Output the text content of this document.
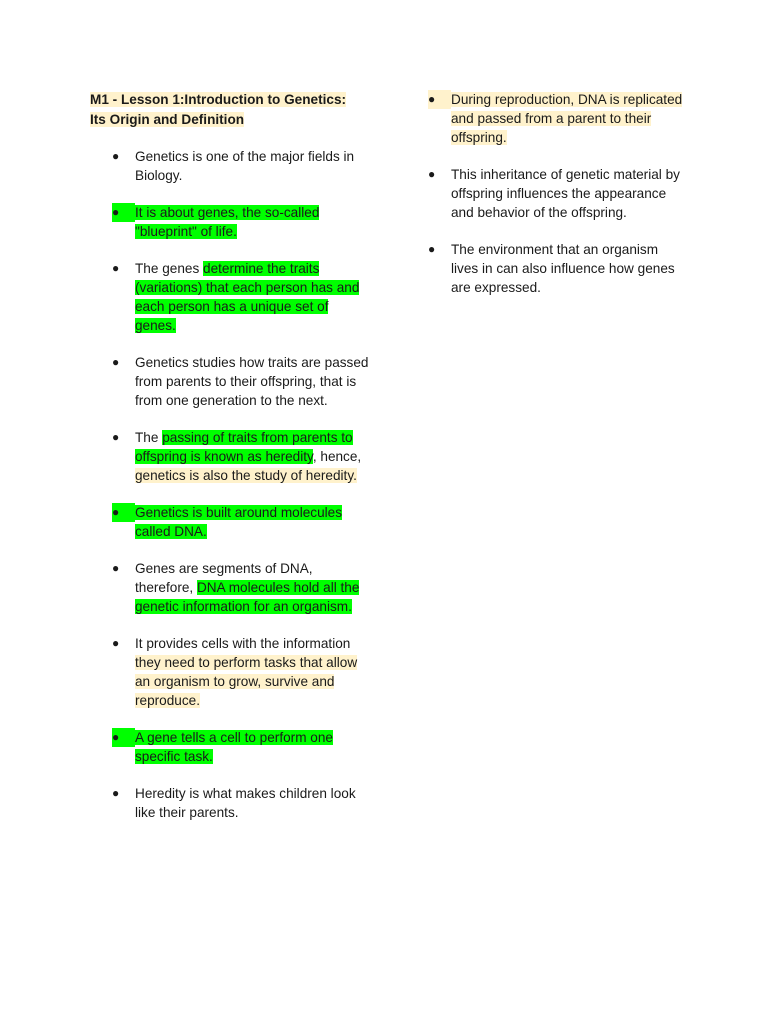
M1 - Lesson 1:Introduction to Genetics:
Its Origin and Definition
●	Genetics is one of the major fields in Biology.
●	It is about genes, the so-called "blueprint" of life.
●	The genes determine the traits (variations) that each person has and each person has a unique set of genes.
●	Genetics studies how traits are passed from parents to their offspring, that is from one generation to the next.
●	The passing of traits from parents to offspring is known as heredity, hence, genetics is also the study of heredity.
●	Genetics is built around molecules called DNA.
●	Genes are segments of DNA, therefore, DNA molecules hold all the genetic information for an organism.
●	It provides cells with the information they need to perform tasks that allow an organism to grow, survive and reproduce.
●	A gene tells a cell to perform one specific task.
●	Heredity is what makes children look like their parents.
●	During reproduction, DNA is replicated and passed from a parent to their offspring.
●	This inheritance of genetic material by offspring influences the appearance and behavior of the offspring.
●	The environment that an organism lives in can also influence how genes are expressed.
